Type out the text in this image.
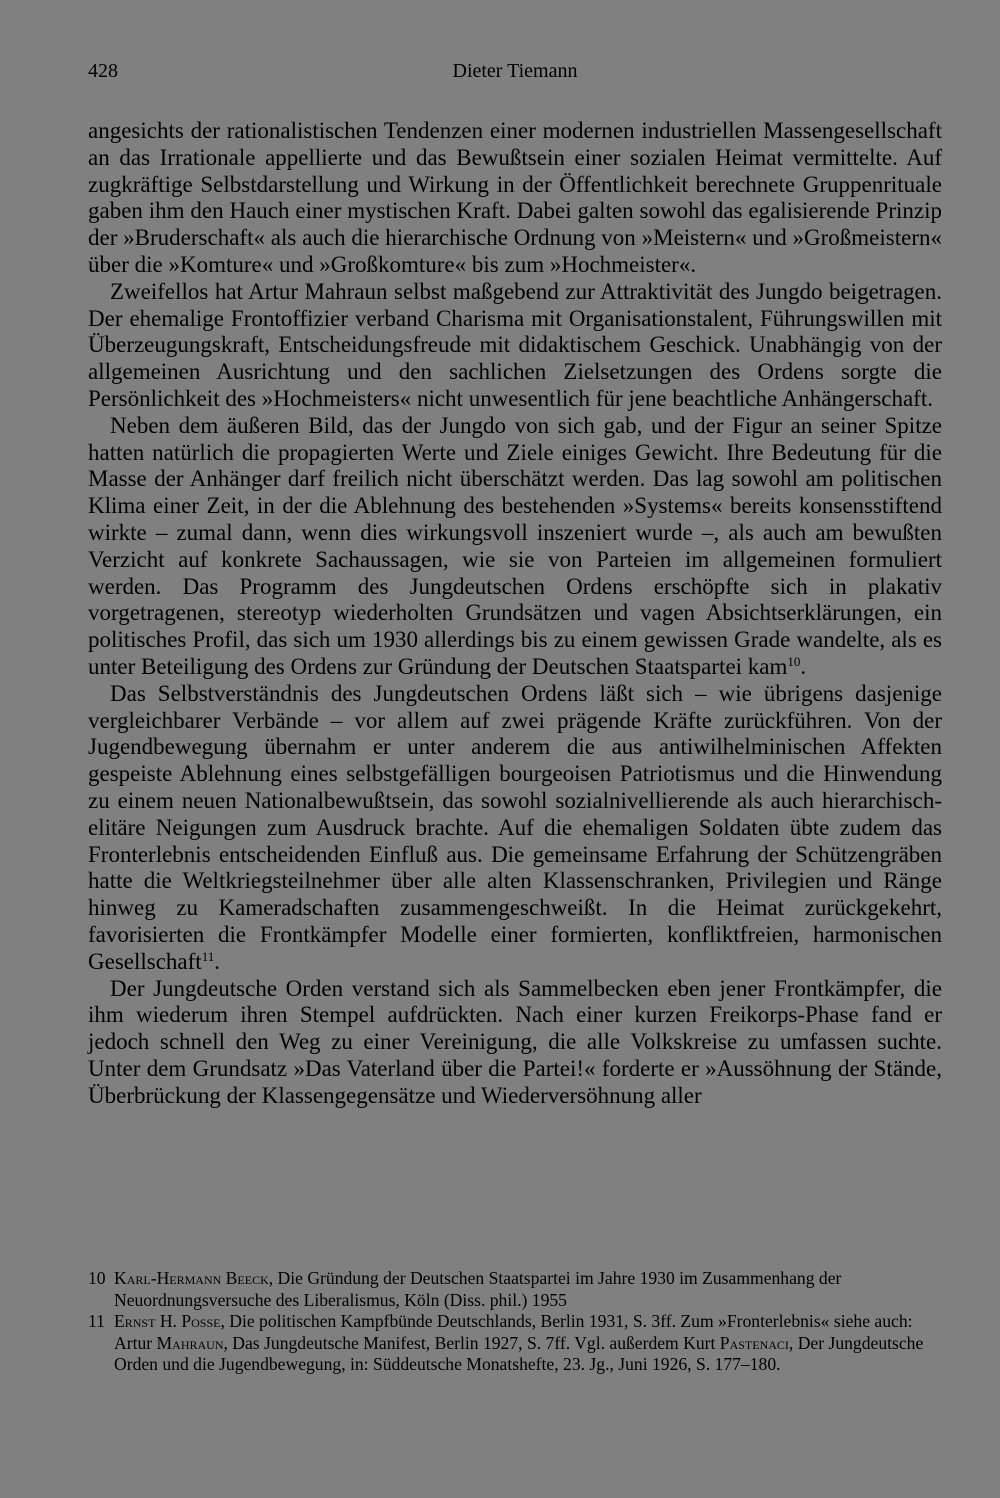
428	Dieter Tiemann

angesichts der rationalistischen Tendenzen einer modernen industriellen Massengesellschaft an das Irrationale appellierte und das Bewußtsein einer sozialen Heimat vermittelte. Auf zugkräftige Selbstdarstellung und Wirkung in der Öffentlichkeit berechnete Gruppenrituale gaben ihm den Hauch einer mystischen Kraft. Dabei galten sowohl das egalisierende Prinzip der »Bruderschaft« als auch die hierarchische Ordnung von »Meistern« und »Großmeistern« über die »Komture« und »Großkomture« bis zum »Hochmeister«.

Zweifellos hat Artur Mahraun selbst maßgebend zur Attraktivität des Jungdo beigetragen. Der ehemalige Frontoffizier verband Charisma mit Organisationstalent, Führungswillen mit Überzeugungskraft, Entscheidungsfreude mit didaktischem Geschick. Unabhängig von der allgemeinen Ausrichtung und den sachlichen Zielsetzungen des Ordens sorgte die Persönlichkeit des »Hochmeisters« nicht unwesentlich für jene beachtliche Anhängerschaft.

Neben dem äußeren Bild, das der Jungdo von sich gab, und der Figur an seiner Spitze hatten natürlich die propagierten Werte und Ziele einiges Gewicht. Ihre Bedeutung für die Masse der Anhänger darf freilich nicht überschätzt werden. Das lag sowohl am politischen Klima einer Zeit, in der die Ablehnung des bestehenden »Systems« bereits konsensstiftend wirkte – zumal dann, wenn dies wirkungsvoll inszeniert wurde –, als auch am bewußten Verzicht auf konkrete Sachaussagen, wie sie von Parteien im allgemeinen formuliert werden. Das Programm des Jungdeutschen Ordens erschöpfte sich in plakativ vorgetragenen, stereotyp wiederholten Grundsätzen und vagen Absichtserklärungen, ein politisches Profil, das sich um 1930 allerdings bis zu einem gewissen Grade wandelte, als es unter Beteiligung des Ordens zur Gründung der Deutschen Staatspartei kam$^{10}$.

Das Selbstverständnis des Jungdeutschen Ordens läßt sich – wie übrigens dasjenige vergleichbarer Verbände – vor allem auf zwei prägende Kräfte zurückführen. Von der Jugendbewegung übernahm er unter anderem die aus antiwilhelminischen Affekten gespeiste Ablehnung eines selbstgefälligen bourgeoisen Patriotismus und die Hinwendung zu einem neuen Nationalbewußtsein, das sowohl sozialnivellierende als auch hierarchisch-elitäre Neigungen zum Ausdruck brachte. Auf die ehemaligen Soldaten übte zudem das Fronterlebnis entscheidenden Einfluß aus. Die gemeinsame Erfahrung der Schützengräben hatte die Weltkriegsteilnehmer über alle alten Klassenschranken, Privilegien und Ränge hinweg zu Kameradschaften zusammengeschweißt. In die Heimat zurückgekehrt, favorisierten die Frontkämpfer Modelle einer formierten, konfliktfreien, harmonischen Gesellschaft$^{11}$.

Der Jungdeutsche Orden verstand sich als Sammelbecken eben jener Frontkämpfer, die ihm wiederum ihren Stempel aufdrückten. Nach einer kurzen Freikorps-Phase fand er jedoch schnell den Weg zu einer Vereinigung, die alle Volkskreise zu umfassen suchte. Unter dem Grundsatz »Das Vaterland über die Partei!« forderte er »Aussöhnung der Stände, Überbrückung der Klassengegensätze und Wiederversöhnung aller

10 Karl-Hermann Beeck, Die Gründung der Deutschen Staatspartei im Jahre 1930 im Zusammenhang der Neuordnungsversuche des Liberalismus, Köln (Diss. phil.) 1955
11 Ernst H. Posse, Die politischen Kampfbünde Deutschlands, Berlin 1931, S. 3ff. Zum »Fronterlebnis« siehe auch: Artur Mahraun, Das Jungdeutsche Manifest, Berlin 1927, S. 7ff. Vgl. außerdem Kurt Pastenaci, Der Jungdeutsche Orden und die Jugendbewegung, in: Süddeutsche Monatshefte, 23. Jg., Juni 1926, S. 177–180.
